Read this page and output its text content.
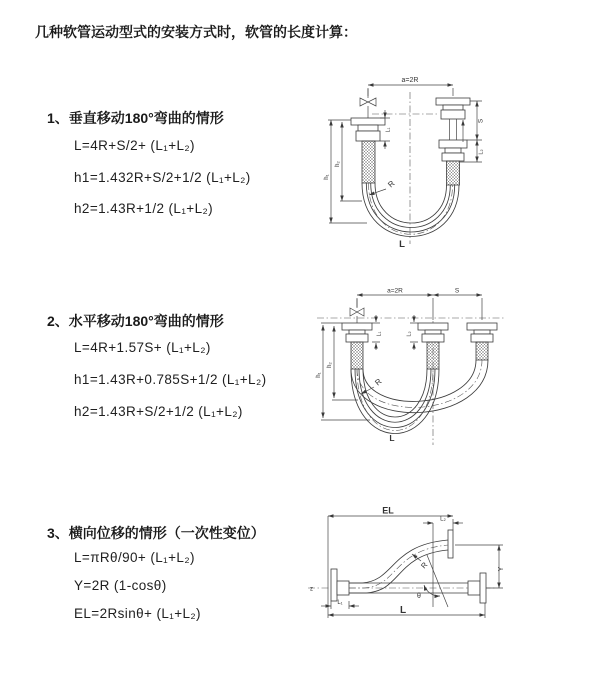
几种软管运动型式的安装方式时，软管的长度计算：
1、垂直移动180°弯曲的情形
L=4R+S/2+ (L₁+L₂)
h1=1.432R+S/2+1/2 (L₁+L₂)
h2=1.43R+1/2 (L₁+L₂)
2、水平移动180°弯曲的情形
L=4R+1.57S+ (L₁+L₂)
h1=1.43R+0.785S+1/2 (L₁+L₂)
h2=1.43R+S/2+1/2 (L₁+L₂)
3、横向位移的情形（一次性变位）
L=πRθ/90+ (L₁+L₂)
Y=2R (1-cosθ)
EL=2Rsinθ+ (L₁+L₂)
a=2R
h₁
h₂
L₁
S
L₂
R
L
a=2R	S
h₁
h₂
L₁	L₂
R
L
z
EL
L₂
Y
L₁
L
θ
R
